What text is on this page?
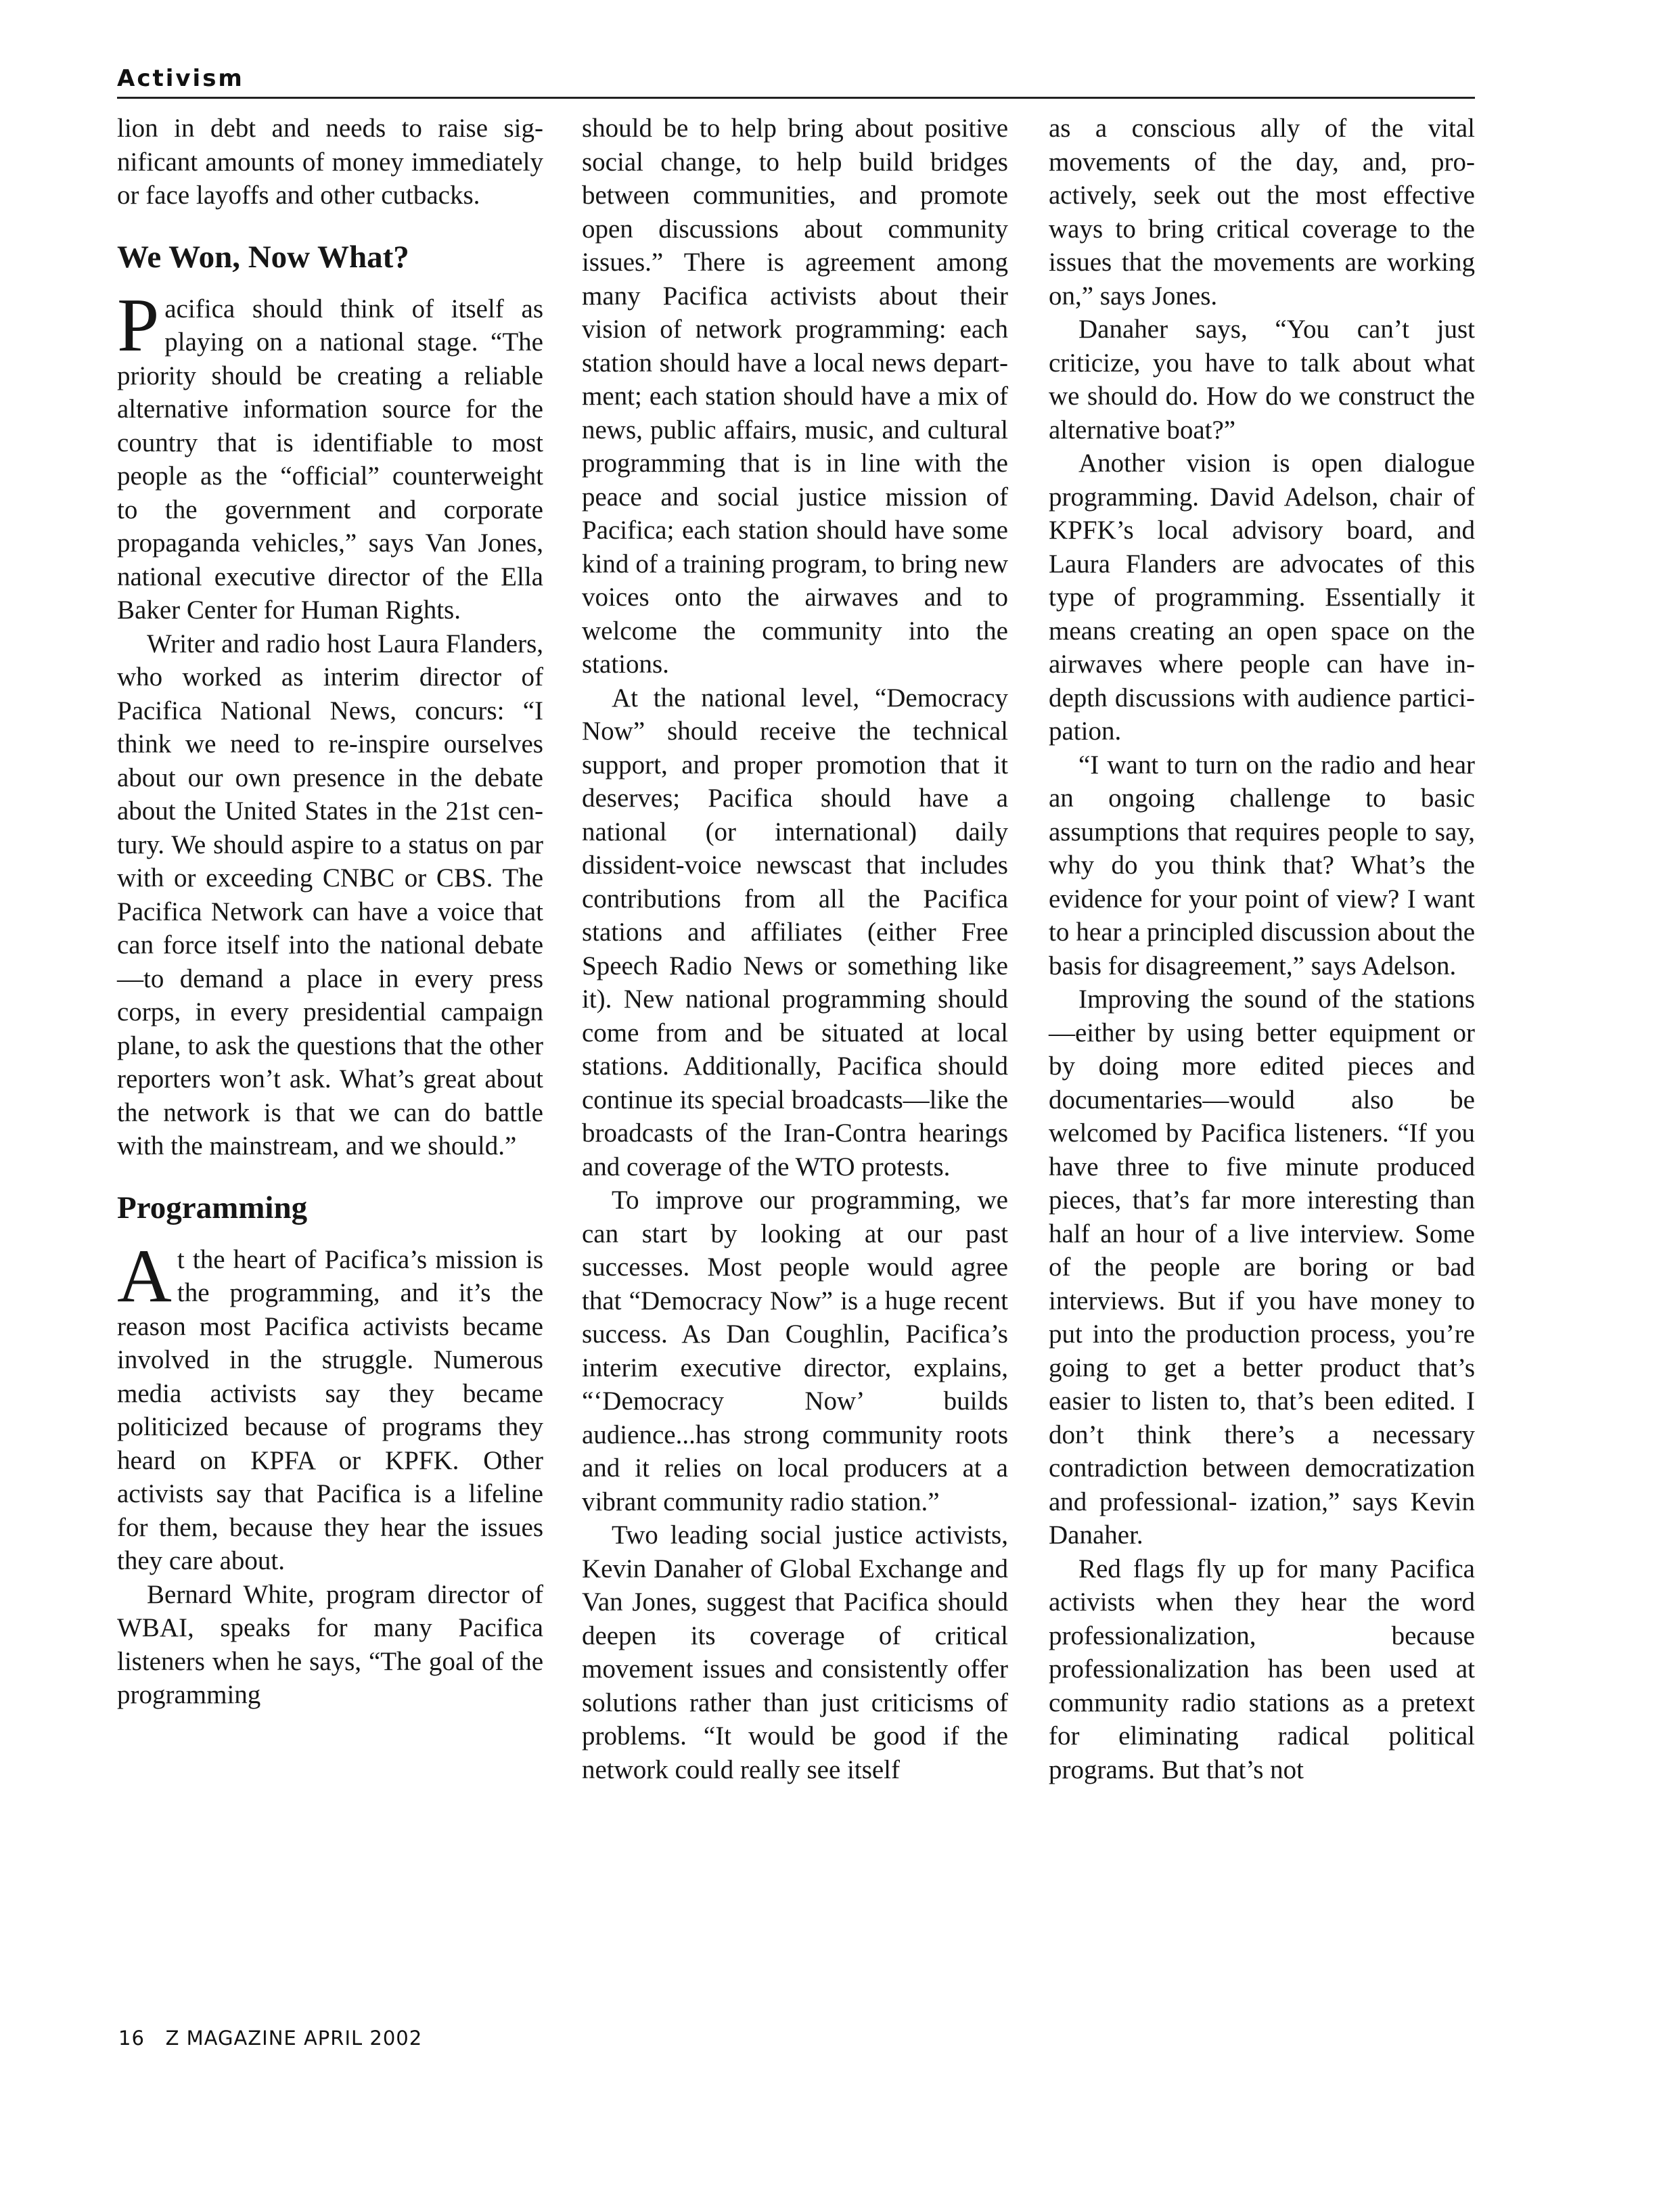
Activism

lion in debt and needs to raise significant amounts of money immediately or face layoffs and other cutbacks.

We Won, Now What?

Pacifica should think of itself as playing on a national stage. “The priority should be creating a reliable alternative information source for the country that is identifiable to most people as the “official” counterweight to the government and corporate propaganda vehicles,” says Van Jones, national executive director of the Ella Baker Center for Human Rights.

Writer and radio host Laura Flanders, who worked as interim director of Pacifica National News, concurs: “I think we need to re-inspire ourselves about our own presence in the debate about the United States in the 21st century. We should aspire to a status on par with or exceeding CNBC or CBS. The Pacifica Network can have a voice that can force itself into the national debate—to demand a place in every press corps, in every presidential campaign plane, to ask the questions that the other reporters won’t ask. What’s great about the network is that we can do battle with the mainstream, and we should.”

Programming

At the heart of Pacifica’s mission is the programming, and it’s the reason most Pacifica activists became involved in the struggle. Numerous media activists say they became politicized because of programs they heard on KPFA or KPFK. Other activists say that Pacifica is a lifeline for them, because they hear the issues they care about.

Bernard White, program director of WBAI, speaks for many Pacifica listeners when he says, “The goal of the programming

should be to help bring about positive social change, to help build bridges between communities, and promote open discussions about community issues.” There is agreement among many Pacifica activists about their vision of network programming: each station should have a local news department; each station should have a mix of news, public affairs, music, and cultural programming that is in line with the peace and social justice mission of Pacifica; each station should have some kind of a training program, to bring new voices onto the airwaves and to welcome the community into the stations.

At the national level, “Democracy Now” should receive the technical support, and proper promotion that it deserves; Pacifica should have a national (or international) daily dissident-voice newscast that includes contributions from all the Pacifica stations and affiliates (either Free Speech Radio News or something like it). New national programming should come from and be situated at local stations. Additionally, Pacifica should continue its special broadcasts—like the broadcasts of the Iran-Contra hearings and coverage of the WTO protests.

To improve our programming, we can start by looking at our past successes. Most people would agree that “Democracy Now” is a huge recent success. As Dan Coughlin, Pacifica’s interim executive director, explains, “‘Democracy Now’ builds audience...has strong community roots and it relies on local producers at a vibrant community radio station.”

Two leading social justice activists, Kevin Danaher of Global Exchange and Van Jones, suggest that Pacifica should deepen its coverage of critical movement issues and consistently offer solutions rather than just criticisms of problems. “It would be good if the network could really see itself

as a conscious ally of the vital movements of the day, and, pro-actively, seek out the most effective ways to bring critical coverage to the issues that the movements are working on,” says Jones.

Danaher says, “You can’t just criticize, you have to talk about what we should do. How do we construct the alternative boat?”

Another vision is open dialogue programming. David Adelson, chair of KPFK’s local advisory board, and Laura Flanders are advocates of this type of programming. Essentially it means creating an open space on the airwaves where people can have in-depth discussions with audience participation.

“I want to turn on the radio and hear an ongoing challenge to basic assumptions that requires people to say, why do you think that? What’s the evidence for your point of view? I want to hear a principled discussion about the basis for disagreement,” says Adelson.

Improving the sound of the stations—either by using better equipment or by doing more edited pieces and documentaries—would also be welcomed by Pacifica listeners. “If you have three to five minute produced pieces, that’s far more interesting than half an hour of a live interview. Some of the people are boring or bad interviews. But if you have money to put into the production process, you’re going to get a better product that’s easier to listen to, that’s been edited. I don’t think there’s a necessary contradiction between democratization and professional- ization,” says Kevin Danaher.

Red flags fly up for many Pacifica activists when they hear the word professionalization, because professionalization has been used at community radio stations as a pretext for eliminating radical political programs. But that’s not

16 Z MAGAZINE APRIL 2002
